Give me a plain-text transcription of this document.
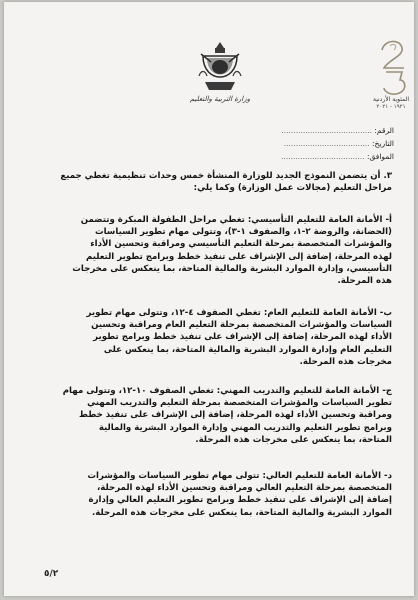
المئوية الأردنية
١٩٢١ - ٢٠٢١
وزارة التربية والتعليم
الرقم: ......................................
التاريخ: ....................................
الموافق: ...................................

٣. أن يتضمن النموذج الجديد للوزارة المنشأة خمس وحدات تنظيمية تغطي جميع

مراحل التعليم (مجالات عمل الوزارة) وكما يلي:

أ- الأمانة العامة للتعليم التأسيسي: تغطي مراحل الطفولة المبكرة وتتضمن

(الحضانة، والروضة ٢-١، والصفوف ١-٣)، وتتولى مهام تطوير السياسات

والمؤشرات المتخصصة بمرحلة التعليم التأسيسي ومراقبة وتحسين الأداء

لهذه المرحلة، إضافة إلى الإشراف على تنفيذ خطط وبرامج تطوير التعليم

التأسيسي، وإدارة الموارد البشرية والمالية المتاحة، بما ينعكس على مخرجات

هذه المرحلة.

ب- الأمانة العامة للتعليم العام: تغطي الصفوف ٤-١٢، وتتولى مهام تطوير

السياسات والمؤشرات المتخصصة بمرحلة التعليم العام ومراقبة وتحسين

الأداء لهذه المرحلة، إضافة إلى الإشراف على تنفيذ خطط وبرامج تطوير

التعليم العام وإدارة الموارد البشرية والمالية المتاحة، بما ينعكس على

مخرجات هذه المرحلة.

ج- الأمانة العامة للتعليم والتدريب المهني: تغطي الصفوف ١٠-١٢، وتتولى مهام

تطوير السياسات والمؤشرات المتخصصة بمرحلة التعليم والتدريب المهني

ومراقبة وتحسين الأداء لهذه المرحلة، إضافة إلى الإشراف على تنفيذ خطط

وبرامج تطوير التعليم والتدريب المهني وإدارة الموارد البشرية والمالية

المتاحة، بما ينعكس على مخرجات هذه المرحلة.

د- الأمانة العامة للتعليم العالي: تتولى مهام تطوير السياسات والمؤشرات

المتخصصة بمرحلة التعليم العالي ومراقبة وتحسين الأداء لهذه المرحلة،

إضافة إلى الإشراف على تنفيذ خطط وبرامج تطوير التعليم العالي وإدارة

الموارد البشرية والمالية المتاحة، بما ينعكس على مخرجات هذه المرحلة.

٥/٢
